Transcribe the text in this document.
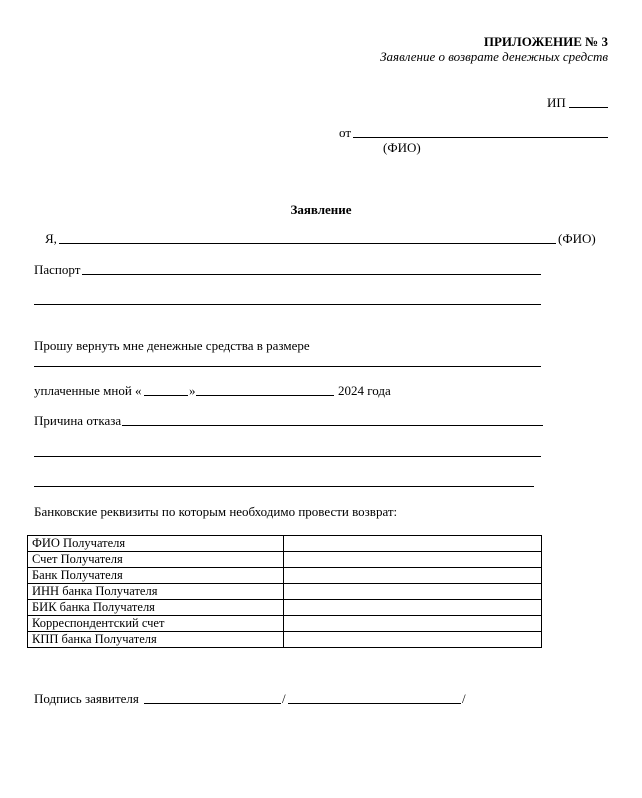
ПРИЛОЖЕНИЕ № 3
Заявление о возврате денежных средств
ИП
от
(ФИО)
Заявление
Я,	(ФИО)
Паспорт
Прошу вернуть мне денежные средства в размере
уплаченные мной «	»	2024 года
Причина отказа
Банковские реквизиты по которым необходимо провести возврат:
ФИО Получателя	
Счет Получателя	
Банк Получателя	
ИНН банка Получателя	
БИК банка Получателя	
Корреспондентский счет	
КПП банка Получателя	
Подпись заявителя	/	/
